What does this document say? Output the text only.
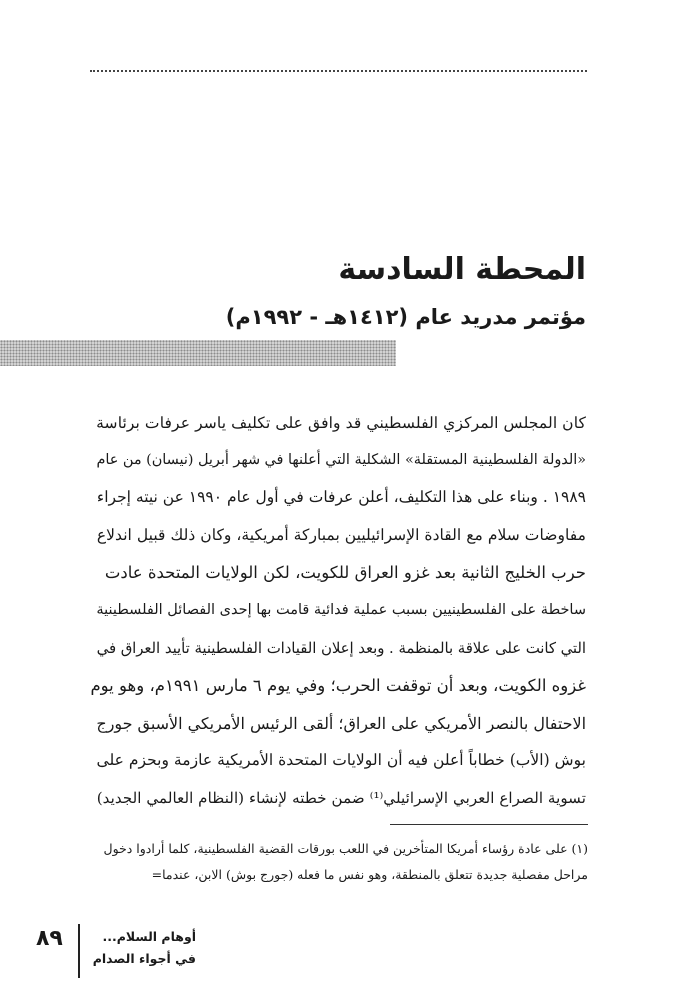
المحطة السادسة
مؤتمر مدريد عام (١٤١٢هـ - ١٩٩٢م)
كان المجلس المركزي الفلسطيني قد وافق على تكليف ياسر عرفات برئاسة
«الدولة الفلسطينية المستقلة» الشكلية التي أعلنها في شهر أبريل (نيسان) من عام
١٩٨٩ . وبناء على هذا التكليف، أعلن عرفات في أول عام ١٩٩٠ عن نيته إجراء
مفاوضات سلام مع القادة الإسرائيليين بمباركة أمريكية، وكان ذلك قبيل اندلاع
حرب الخليج الثانية بعد غزو العراق للكويت، لكن الولايات المتحدة عادت
ساخطة على الفلسطينيين بسبب عملية فدائية قامت بها إحدى الفصائل الفلسطينية
التي كانت على علاقة بالمنظمة . وبعد إعلان القيادات الفلسطينية تأييد العراق في
غزوه الكويت، وبعد أن توقفت الحرب؛ وفي يوم ٦ مارس ١٩٩١م، وهو يوم
الاحتفال بالنصر الأمريكي على العراق؛ ألقى الرئيس الأمريكي الأسبق جورج
بوش (الأب) خطاباً أعلن فيه أن الولايات المتحدة الأمريكية عازمة وبحزم على
تسوية الصراع العربي الإسرائيلي⁽¹⁾ ضمن خطته لإنشاء (النظام العالمي الجديد)
(١) على عادة رؤساء أمريكا المتأخرين في اللعب بورقات القضية الفلسطينية، كلما أرادوا دخول
مراحل مفصلية جديدة تتعلق بالمنطقة، وهو نفس ما فعله (جورج بوش) الابن، عندما=
٨٩	أوهام السلام...
في أجواء الصدام
